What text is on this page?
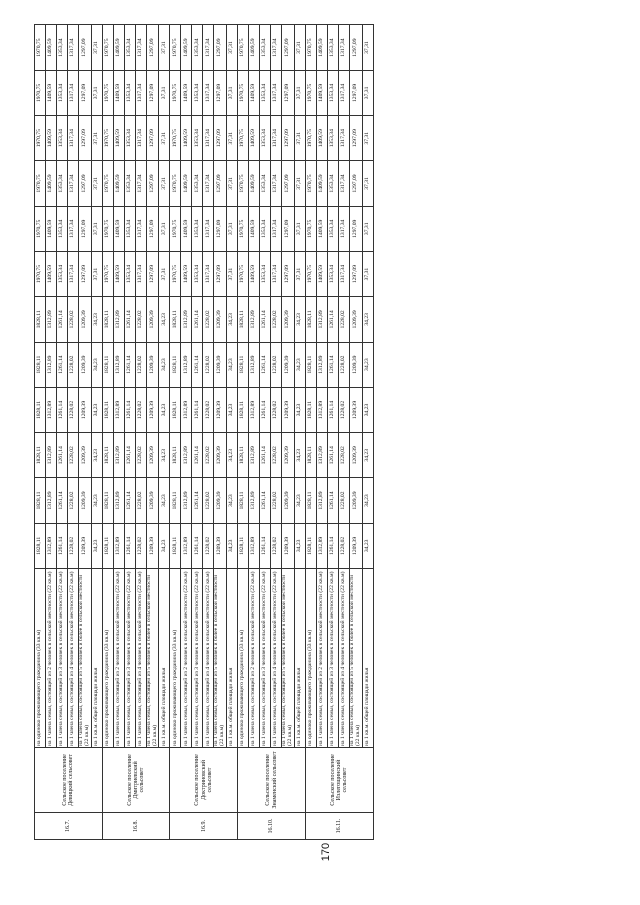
16.7.	Сельское поселение Девицкий сельсовет	на одиноко проживающего гражданина (33 кв.м)	1828,11	1828,11	1828,11	1828,11	1828,11	1828,11	1970,75	1970,75	1970,75	1970,75	1970,75	1970,75
		на 1 члена семьи, состоящей из 2 человек в сельской местности (22 кв.м)	1312,89	1312,89	1312,89	1312,89	1312,89	1312,89	1409,59	1409,59	1409,59	1409,59	1409,59	1409,59
		на 1 члена семьи, состоящей из 3 человек в сельской местности (22 кв.м)	1261,14	1261,14	1261,14	1261,14	1261,14	1261,14	1353,34	1353,34	1353,34	1353,34	1353,34	1353,34
		на 1 члена семьи, состоящей из 4 человек в сельской местности (22 кв.м)	1228,02	1228,02	1228,02	1228,02	1228,02	1228,02	1317,34	1317,34	1317,34	1317,34	1317,34	1317,34
		на 1 члена семьи, состоящей из 5 человек и более в сельской местности (22 кв.м)	1209,39	1209,39	1209,39	1209,39	1209,39	1209,39	1297,09	1297,09	1297,09	1297,09	1297,09	1297,09
		на 1 кв.м. общей площади жилья	34,23	34,23	34,23	34,23	34,23	34,23	37,31	37,31	37,31	37,31	37,31	37,31
16.8.	Сельское поселение Дмитриевский сельсовет	на одиноко проживающего гражданина (33 кв.м)	1828,11	1828,11	1828,11	1828,11	1828,11	1828,11	1970,75	1970,75	1970,75	1970,75	1970,75	1970,75
		на 1 члена семьи, состоящей из 2 человек в сельской местности (22 кв.м)	1312,89	1312,89	1312,89	1312,89	1312,89	1312,89	1409,59	1409,59	1409,59	1409,59	1409,59	1409,59
		на 1 члена семьи, состоящей из 3 человек в сельской местности (22 кв.м)	1261,14	1261,14	1261,14	1261,14	1261,14	1261,14	1353,34	1353,34	1353,34	1353,34	1353,34	1353,34
		на 1 члена семьи, состоящей из 4 человек в сельской местности (22 кв.м)	1228,02	1228,02	1228,02	1228,02	1228,02	1228,02	1317,34	1317,34	1317,34	1317,34	1317,34	1317,34
		на 1 члена семьи, состоящей из 5 человек и более в сельской местности (22 кв.м)	1209,39	1209,39	1209,39	1209,39	1209,39	1209,39	1297,09	1297,09	1297,09	1297,09	1297,09	1297,09
		на 1 кв.м. общей площади жилья	34,23	34,23	34,23	34,23	34,23	34,23	37,31	37,31	37,31	37,31	37,31	37,31
16.9.	Сельское поселение Доктриновский сельсовет	на одиноко проживающего гражданина (33 кв.м)	1828,11	1828,11	1828,11	1828,11	1828,11	1828,11	1970,75	1970,75	1970,75	1970,75	1970,75	1970,75
		на 1 члена семьи, состоящей из 2 человек в сельской местности (22 кв.м)	1312,89	1312,89	1312,89	1312,89	1312,89	1312,89	1409,59	1409,59	1409,59	1409,59	1409,59	1409,59
		на 1 члена семьи, состоящей из 3 человек в сельской местности (22 кв.м)	1261,14	1261,14	1261,14	1261,14	1261,14	1261,14	1353,34	1353,34	1353,34	1353,34	1353,34	1353,34
		на 1 члена семьи, состоящей из 4 человек в сельской местности (22 кв.м)	1228,02	1228,02	1228,02	1228,02	1228,02	1228,02	1317,34	1317,34	1317,34	1317,34	1317,34	1317,34
		на 1 члена семьи, состоящей из 5 человек и более в сельской местности (22 кв.м)	1209,39	1209,39	1209,39	1209,39	1209,39	1209,39	1297,09	1297,09	1297,09	1297,09	1297,09	1297,09
		на 1 кв.м. общей площади жилья	34,23	34,23	34,23	34,23	34,23	34,23	37,31	37,31	37,31	37,31	37,31	37,31
16.10.	Сельское поселение Знаменский сельсовет	на одиноко проживающего гражданина (33 кв.м)	1828,11	1828,11	1828,11	1828,11	1828,11	1828,11	1970,75	1970,75	1970,75	1970,75	1970,75	1970,75
		на 1 члена семьи, состоящей из 2 человек в сельской местности (22 кв.м)	1312,89	1312,89	1312,89	1312,89	1312,89	1312,89	1409,59	1409,59	1409,59	1409,59	1409,59	1409,59
		на 1 члена семьи, состоящей из 3 человек в сельской местности (22 кв.м)	1261,14	1261,14	1261,14	1261,14	1261,14	1261,14	1353,34	1353,34	1353,34	1353,34	1353,34	1353,34
		на 1 члена семьи, состоящей из 4 человек в сельской местности (22 кв.м)	1228,02	1228,02	1228,02	1228,02	1228,02	1228,02	1317,34	1317,34	1317,34	1317,34	1317,34	1317,34
		на 1 члена семьи, состоящей из 5 человек и более в сельской местности (22 кв.м)	1209,39	1209,39	1209,39	1209,39	1209,39	1209,39	1297,09	1297,09	1297,09	1297,09	1297,09	1297,09
		на 1 кв.м. общей площади жилья	34,23	34,23	34,23	34,23	34,23	34,23	37,31	37,31	37,31	37,31	37,31	37,31
16.11.	Сельское поселение Излегощинский сельсовет	на одиноко проживающего гражданина (33 кв.м)	1828,11	1828,11	1828,11	1828,11	1828,11	1828,11	1970,75	1970,75	1970,75	1970,75	1970,75	1970,75
		на 1 члена семьи, состоящей из 2 человек в сельской местности (22 кв.м)	1312,89	1312,89	1312,89	1312,89	1312,89	1312,89	1409,59	1409,59	1409,59	1409,59	1409,59	1409,59
		на 1 члена семьи, состоящей из 3 человек в сельской местности (22 кв.м)	1261,14	1261,14	1261,14	1261,14	1261,14	1261,14	1353,34	1353,34	1353,34	1353,34	1353,34	1353,34
		на 1 члена семьи, состоящей из 4 человек в сельской местности (22 кв.м)	1228,02	1228,02	1228,02	1228,02	1228,02	1228,02	1317,34	1317,34	1317,34	1317,34	1317,34	1317,34
		на 1 члена семьи, состоящей из 5 человек и более в сельской местности (22 кв.м)	1209,39	1209,39	1209,39	1209,39	1209,39	1209,39	1297,09	1297,09	1297,09	1297,09	1297,09	1297,09
		на 1 кв.м. общей площади жилья	34,23	34,23	34,23	34,23	34,23	34,23	37,31	37,31	37,31	37,31	37,31	37,31
170
